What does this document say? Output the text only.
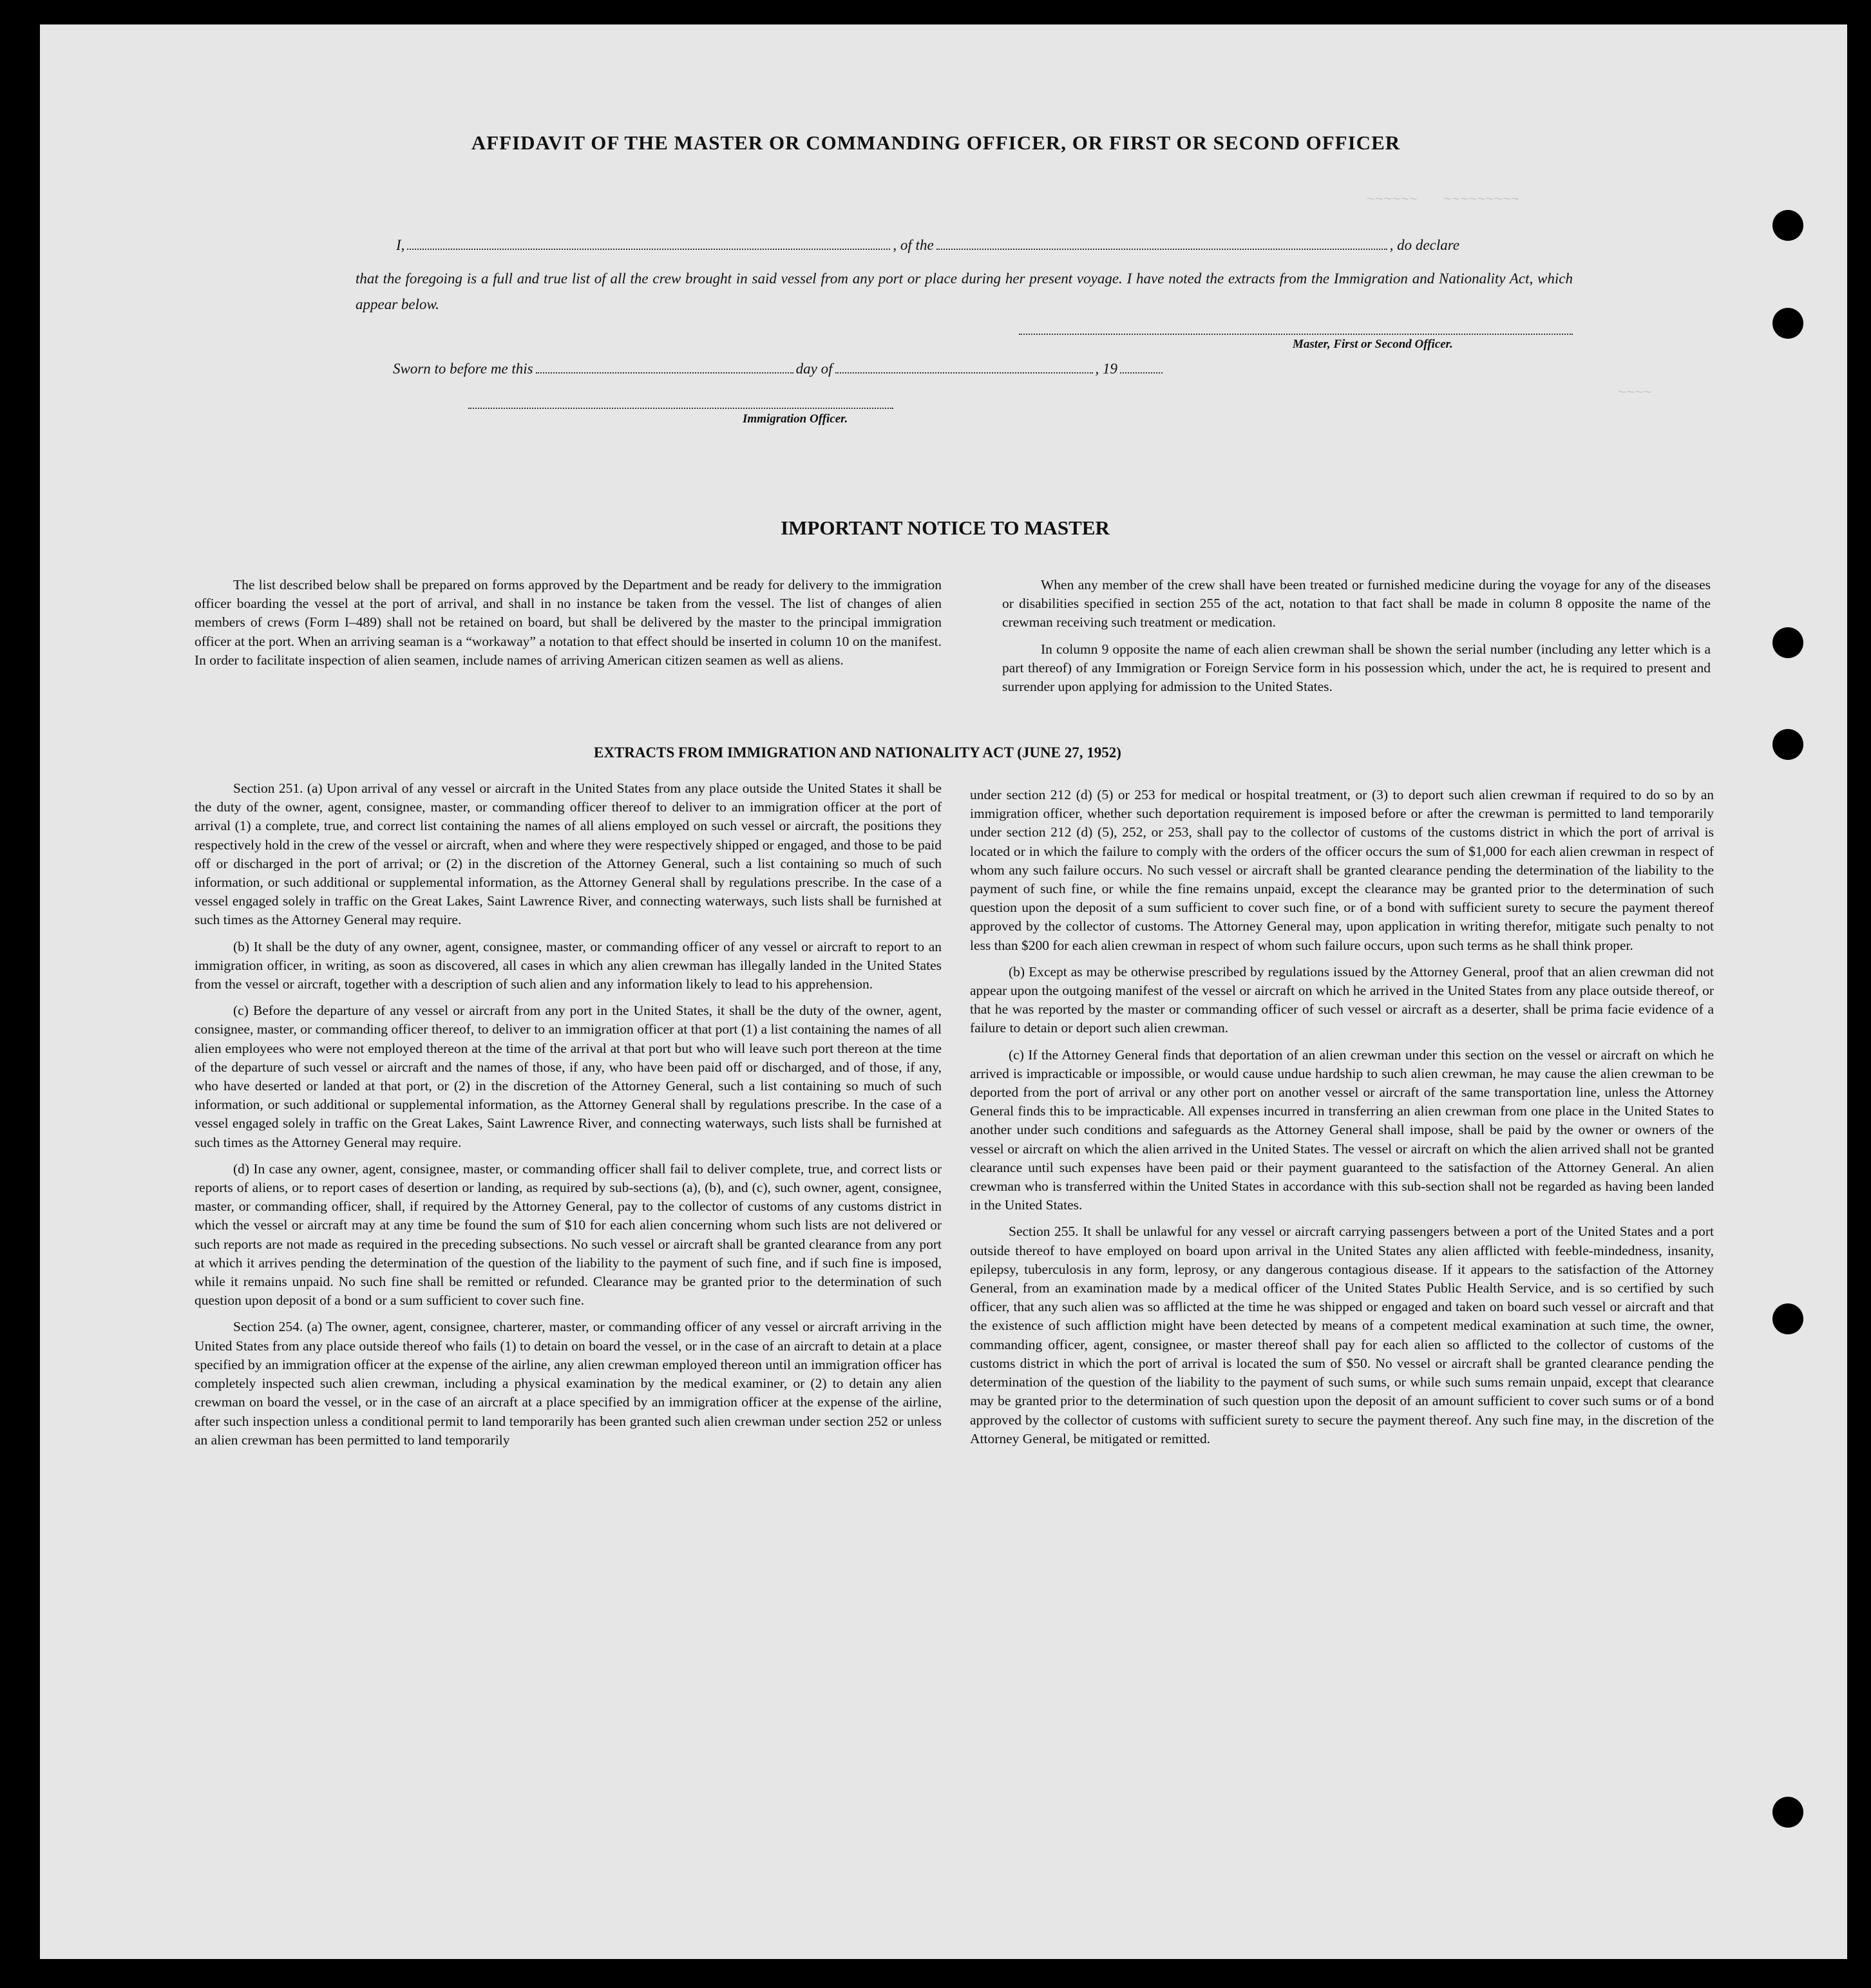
~~~~~~   ~~~~~~~~~
~~~~
AFFIDAVIT OF THE MASTER OR COMMANDING OFFICER, OR FIRST OR SECOND OFFICER
I,	, of the	, do declare
that the foregoing is a full and true list of all the crew brought in said vessel from any port or place during her present voyage. I have noted the extracts from the Immigration and Nationality Act, which appear below.
Master, First or Second Officer.
Sworn to before me this	day of	, 19
Immigration Officer.
IMPORTANT NOTICE TO MASTER

The list described below shall be prepared on forms approved by the Department and be ready for delivery to the immigration officer boarding the vessel at the port of arrival, and shall in no instance be taken from the vessel. The list of changes of alien members of crews (Form I–489) shall not be retained on board, but shall be delivered by the master to the principal immigration officer at the port. When an arriving seaman is a “workaway” a notation to that effect should be inserted in column 10 on the manifest. In order to facilitate inspection of alien seamen, include names of arriving American citizen seamen as well as aliens.

When any member of the crew shall have been treated or furnished medicine during the voyage for any of the diseases or disabilities specified in section 255 of the act, notation to that fact shall be made in column 8 opposite the name of the crewman receiving such treatment or medication.

In column 9 opposite the name of each alien crewman shall be shown the serial number (including any letter which is a part thereof) of any Immigration or Foreign Service form in his possession which, under the act, he is required to present and surrender upon applying for admission to the United States.

EXTRACTS FROM IMMIGRATION AND NATIONALITY ACT (JUNE 27, 1952)

Section 251. (a) Upon arrival of any vessel or aircraft in the United States from any place outside the United States it shall be the duty of the owner, agent, consignee, master, or commanding officer thereof to deliver to an immigration officer at the port of arrival (1) a complete, true, and correct list containing the names of all aliens employed on such vessel or aircraft, the positions they respectively hold in the crew of the vessel or aircraft, when and where they were respectively shipped or engaged, and those to be paid off or discharged in the port of arrival; or (2) in the discretion of the Attorney General, such a list containing so much of such information, or such additional or supplemental information, as the Attorney General shall by regulations prescribe. In the case of a vessel engaged solely in traffic on the Great Lakes, Saint Lawrence River, and connecting waterways, such lists shall be furnished at such times as the Attorney General may require.

(b) It shall be the duty of any owner, agent, consignee, master, or commanding officer of any vessel or aircraft to report to an immigration officer, in writing, as soon as discovered, all cases in which any alien crewman has illegally landed in the United States from the vessel or aircraft, together with a description of such alien and any information likely to lead to his apprehension.

(c) Before the departure of any vessel or aircraft from any port in the United States, it shall be the duty of the owner, agent, consignee, master, or commanding officer thereof, to deliver to an immigration officer at that port (1) a list containing the names of all alien employees who were not employed thereon at the time of the arrival at that port but who will leave such port thereon at the time of the departure of such vessel or aircraft and the names of those, if any, who have been paid off or discharged, and of those, if any, who have deserted or landed at that port, or (2) in the discretion of the Attorney General, such a list containing so much of such information, or such additional or supplemental information, as the Attorney General shall by regulations prescribe. In the case of a vessel engaged solely in traffic on the Great Lakes, Saint Lawrence River, and connecting waterways, such lists shall be furnished at such times as the Attorney General may require.

(d) In case any owner, agent, consignee, master, or commanding officer shall fail to deliver complete, true, and correct lists or reports of aliens, or to report cases of desertion or landing, as required by sub-sections (a), (b), and (c), such owner, agent, consignee, master, or commanding officer, shall, if required by the Attorney General, pay to the collector of customs of any customs district in which the vessel or aircraft may at any time be found the sum of $10 for each alien concerning whom such lists are not delivered or such reports are not made as required in the preceding subsections. No such vessel or aircraft shall be granted clearance from any port at which it arrives pending the determination of the question of the liability to the payment of such fine, and if such fine is imposed, while it remains unpaid. No such fine shall be remitted or refunded. Clearance may be granted prior to the determination of such question upon deposit of a bond or a sum sufficient to cover such fine.

Section 254. (a) The owner, agent, consignee, charterer, master, or commanding officer of any vessel or aircraft arriving in the United States from any place outside thereof who fails (1) to detain on board the vessel, or in the case of an aircraft to detain at a place specified by an immigration officer at the expense of the airline, any alien crewman employed thereon until an immigration officer has completely inspected such alien crewman, including a physical examination by the medical examiner, or (2) to detain any alien crewman on board the vessel, or in the case of an aircraft at a place specified by an immigration officer at the expense of the airline, after such inspection unless a conditional permit to land temporarily has been granted such alien crewman under section 252 or unless an alien crewman has been permitted to land temporarily

under section 212 (d) (5) or 253 for medical or hospital treatment, or (3) to deport such alien crewman if required to do so by an immigration officer, whether such deportation requirement is imposed before or after the crewman is permitted to land temporarily under section 212 (d) (5), 252, or 253, shall pay to the collector of customs of the customs district in which the port of arrival is located or in which the failure to comply with the orders of the officer occurs the sum of $1,000 for each alien crewman in respect of whom any such failure occurs. No such vessel or aircraft shall be granted clearance pending the determination of the liability to the payment of such fine, or while the fine remains unpaid, except the clearance may be granted prior to the determination of such question upon the deposit of a sum sufficient to cover such fine, or of a bond with sufficient surety to secure the payment thereof approved by the collector of customs. The Attorney General may, upon application in writing therefor, mitigate such penalty to not less than $200 for each alien crewman in respect of whom such failure occurs, upon such terms as he shall think proper.

(b) Except as may be otherwise prescribed by regulations issued by the Attorney General, proof that an alien crewman did not appear upon the outgoing manifest of the vessel or aircraft on which he arrived in the United States from any place outside thereof, or that he was reported by the master or commanding officer of such vessel or aircraft as a deserter, shall be prima facie evidence of a failure to detain or deport such alien crewman.

(c) If the Attorney General finds that deportation of an alien crewman under this section on the vessel or aircraft on which he arrived is impracticable or impossible, or would cause undue hardship to such alien crewman, he may cause the alien crewman to be deported from the port of arrival or any other port on another vessel or aircraft of the same transportation line, unless the Attorney General finds this to be impracticable. All expenses incurred in transferring an alien crewman from one place in the United States to another under such conditions and safeguards as the Attorney General shall impose, shall be paid by the owner or owners of the vessel or aircraft on which the alien arrived in the United States. The vessel or aircraft on which the alien arrived shall not be granted clearance until such expenses have been paid or their payment guaranteed to the satisfaction of the Attorney General. An alien crewman who is transferred within the United States in accordance with this sub-section shall not be regarded as having been landed in the United States.

Section 255. It shall be unlawful for any vessel or aircraft carrying passengers between a port of the United States and a port outside thereof to have employed on board upon arrival in the United States any alien afflicted with feeble-mindedness, insanity, epilepsy, tuberculosis in any form, leprosy, or any dangerous contagious disease. If it appears to the satisfaction of the Attorney General, from an examination made by a medical officer of the United States Public Health Service, and is so certified by such officer, that any such alien was so afflicted at the time he was shipped or engaged and taken on board such vessel or aircraft and that the existence of such affliction might have been detected by means of a competent medical examination at such time, the owner, commanding officer, agent, consignee, or master thereof shall pay for each alien so afflicted to the collector of customs of the customs district in which the port of arrival is located the sum of $50. No vessel or aircraft shall be granted clearance pending the determination of the question of the liability to the payment of such sums, or while such sums remain unpaid, except that clearance may be granted prior to the determination of such question upon the deposit of an amount sufficient to cover such sums or of a bond approved by the collector of customs with sufficient surety to secure the payment thereof. Any such fine may, in the discretion of the Attorney General, be mitigated or remitted.
